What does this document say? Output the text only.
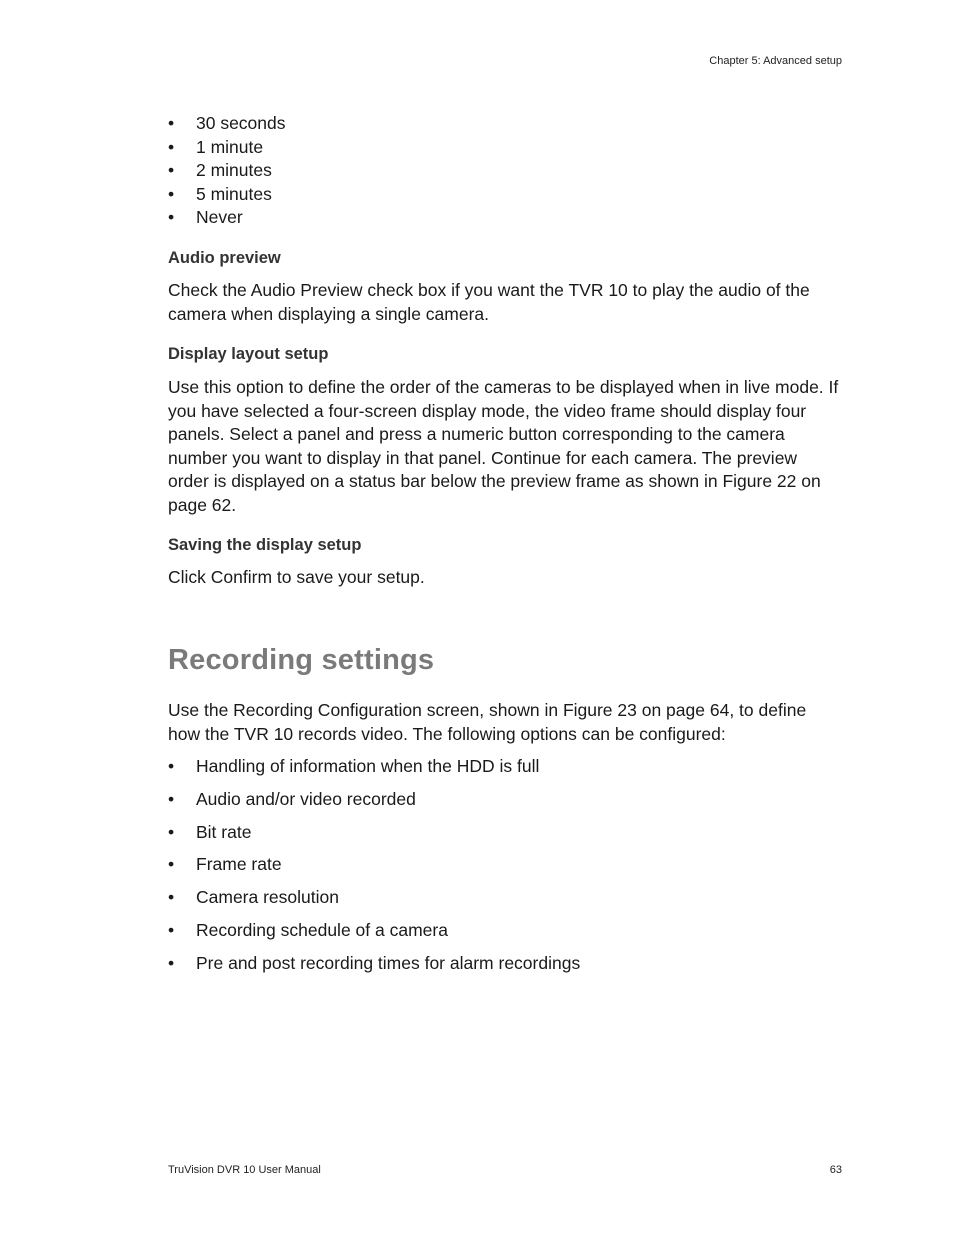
Chapter 5: Advanced setup
• 30 seconds
• 1 minute
• 2 minutes
• 5 minutes
• Never
Audio preview
Check the Audio Preview check box if you want the TVR 10 to play the audio of the camera when displaying a single camera.
Display layout setup
Use this option to define the order of the cameras to be displayed when in live mode. If you have selected a four-screen display mode, the video frame should display four panels. Select a panel and press a numeric button corresponding to the camera number you want to display in that panel. Continue for each camera. The preview order is displayed on a status bar below the preview frame as shown in Figure 22 on page 62.
Saving the display setup
Click Confirm to save your setup.
Recording settings
Use the Recording Configuration screen, shown in Figure 23 on page 64, to define how the TVR 10 records video. The following options can be configured:
• Handling of information when the HDD is full
• Audio and/or video recorded
• Bit rate
• Frame rate
• Camera resolution
• Recording schedule of a camera
• Pre and post recording times for alarm recordings
TruVision DVR 10 User Manual	63
